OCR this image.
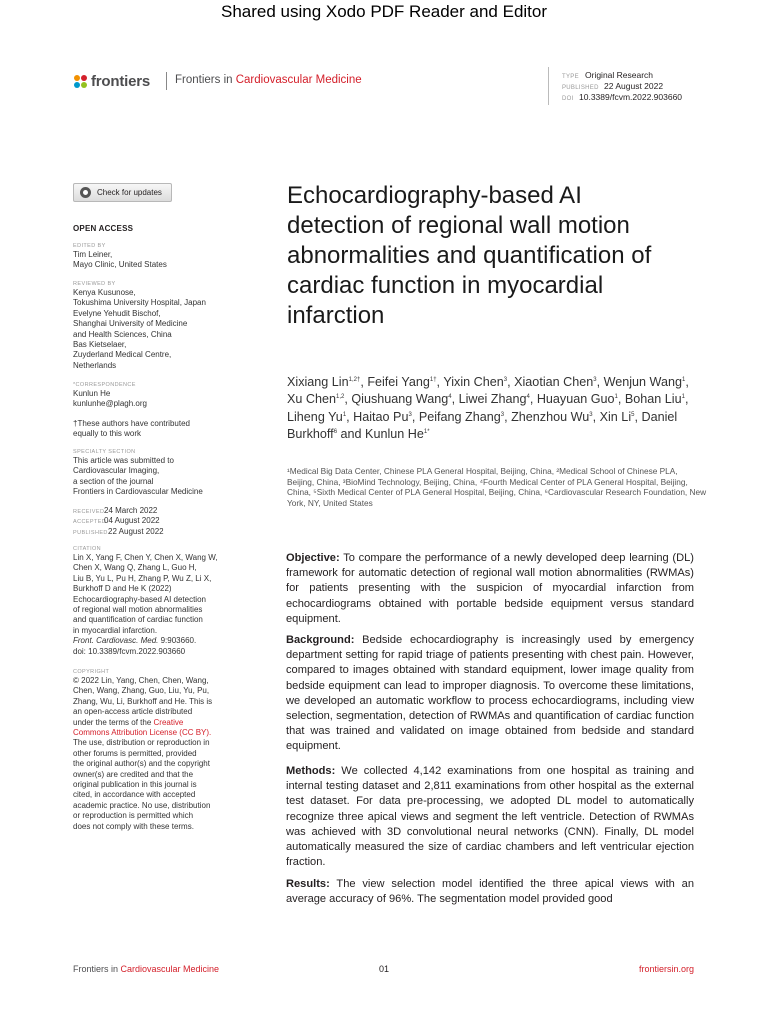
Shared using Xodo PDF Reader and Editor
frontiers Frontiers in Cardiovascular Medicine	TYPE Original Research
PUBLISHED 22 August 2022
DOI 10.3389/fcvm.2022.903660
Check for updates
OPEN ACCESS
EDITED BY
Tim Leiner,
Mayo Clinic, United States
REVIEWED BY
Kenya Kusunose,
Tokushima University Hospital, Japan
Evelyne Yehudit Bischof,
Shanghai University of Medicine
and Health Sciences, China
Bas Kietselaer,
Zuyderland Medical Centre,
Netherlands
*CORRESPONDENCE
Kunlun He
kunlunhe@plagh.org
†These authors have contributed
equally to this work
SPECIALTY SECTION
This article was submitted to
Cardiovascular Imaging,
a section of the journal
Frontiers in Cardiovascular Medicine
RECEIVED24 March 2022
ACCEPTED04 August 2022
PUBLISHED22 August 2022
CITATION
Lin X, Yang F, Chen Y, Chen X, Wang W,
Chen X, Wang Q, Zhang L, Guo H,
Liu B, Yu L, Pu H, Zhang P, Wu Z, Li X,
Burkhoff D and He K (2022)
Echocardiography-based AI detection
of regional wall motion abnormalities
and quantification of cardiac function
in myocardial infarction.
Front. Cardiovasc. Med. 9:903660.
doi: 10.3389/fcvm.2022.903660
COPYRIGHT
© 2022 Lin, Yang, Chen, Chen, Wang,
Chen, Wang, Zhang, Guo, Liu, Yu, Pu,
Zhang, Wu, Li, Burkhoff and He. This is
an open-access article distributed
under the terms of the Creative
Commons Attribution License (CC BY).
The use, distribution or reproduction in
other forums is permitted, provided
the original author(s) and the copyright
owner(s) are credited and that the
original publication in this journal is
cited, in accordance with accepted
academic practice. No use, distribution
or reproduction is permitted which
does not comply with these terms.
Echocardiography-based AI detection of regional wall motion abnormalities and quantification of cardiac function in myocardial infarction
Xixiang Lin$^{1,2\dagger}$, Feifei Yang$^{1\dagger}$, Yixin Chen$^3$, Xiaotian Chen$^3$, Wenjun Wang$^1$, Xu Chen$^{1,2}$, Qiushuang Wang$^4$, Liwei Zhang$^4$, Huayuan Guo$^1$, Bohan Liu$^1$, Liheng Yu$^1$, Haitao Pu$^3$, Peifang Zhang$^3$, Zhenzhou Wu$^3$, Xin Li$^5$, Daniel Burkhoff$^6$ and Kunlun $He^{1*}$
¹Medical Big Data Center, Chinese PLA General Hospital, Beijing, China, ²Medical School of Chinese PLA, Beijing, China, ³BioMind Technology, Beijing, China, ⁴Fourth Medical Center of PLA General Hospital, Beijing, China, ⁵Sixth Medical Center of PLA General Hospital, Beijing, China, ⁶Cardiovascular Research Foundation, New York, NY, United States
Objective: To compare the performance of a newly developed deep learning (DL) framework for automatic detection of regional wall motion abnormalities (RWMAs) for patients presenting with the suspicion of myocardial infarction from echocardiograms obtained with portable bedside equipment versus standard equipment.
Background: Bedside echocardiography is increasingly used by emergency department setting for rapid triage of patients presenting with chest pain. However, compared to images obtained with standard equipment, lower image quality from bedside equipment can lead to improper diagnosis. To overcome these limitations, we developed an automatic workflow to process echocardiograms, including view selection, segmentation, detection of RWMAs and quantification of cardiac function that was trained and validated on image obtained from bedside and standard equipment.
Methods: We collected 4,142 examinations from one hospital as training and internal testing dataset and 2,811 examinations from other hospital as the external test dataset. For data pre-processing, we adopted DL model to automatically recognize three apical views and segment the left ventricle. Detection of RWMAs was achieved with 3D convolutional neural networks (CNN). Finally, DL model automatically measured the size of cardiac chambers and left ventricular ejection fraction.
Results: The view selection model identified the three apical views with an average accuracy of 96%. The segmentation model provided good
Frontiers in Cardiovascular Medicine	01	frontiersin.org
